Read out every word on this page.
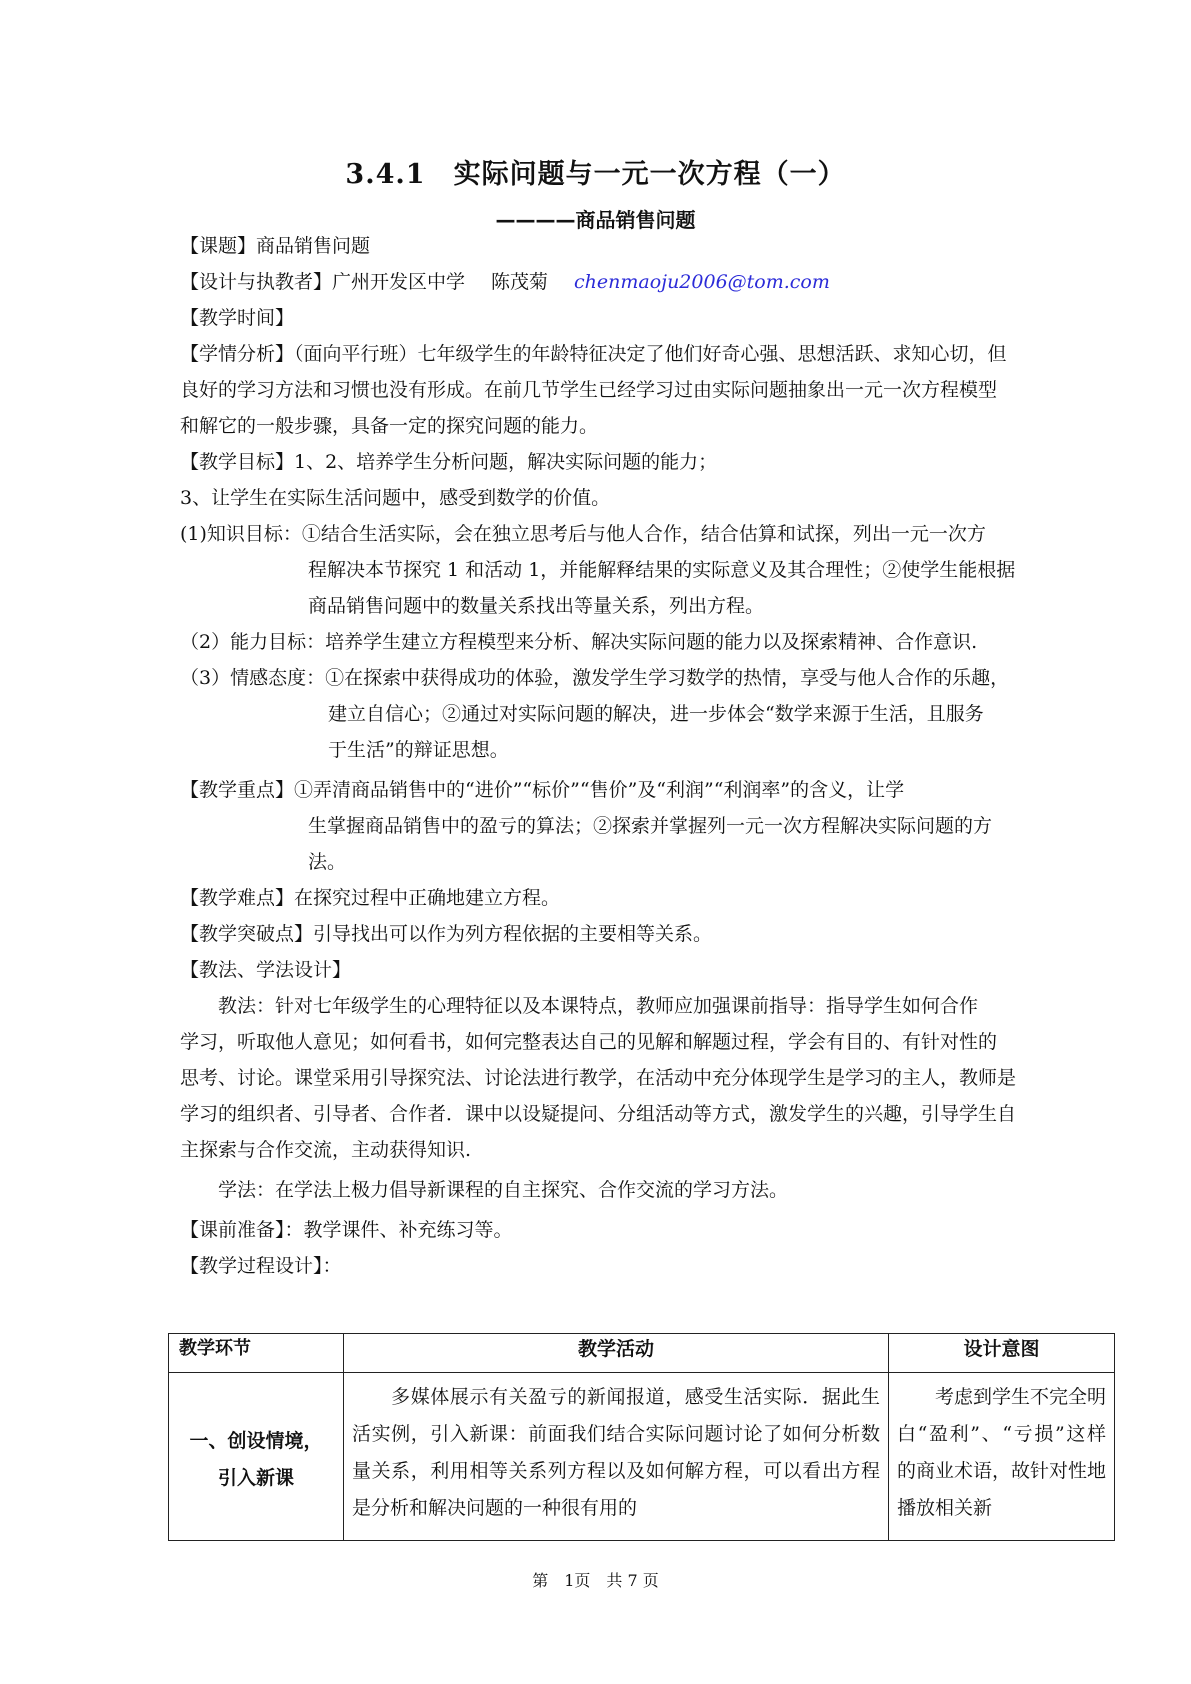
3.4.1　实际问题与一元一次方程（一）
————商品销售问题
【课题】商品销售问题
【设计与执教者】广州开发区中学 陈茂菊 chenmaoju2006@tom.com
【教学时间】
【学情分析】（面向平行班）七年级学生的年龄特征决定了他们好奇心强、思想活跃、求知心切，但
良好的学习方法和习惯也没有形成。在前几节学生已经学习过由实际问题抽象出一元一次方程模型
和解它的一般步骤，具备一定的探究问题的能力。
【教学目标】1、2、培养学生分析问题，解决实际问题的能力；
3、让学生在实际生活问题中，感受到数学的价值。
(1)知识目标：①结合生活实际，会在独立思考后与他人合作，结合估算和试探，列出一元一次方
程解决本节探究 1 和活动 1，并能解释结果的实际意义及其合理性；②使学生能根据
商品销售问题中的数量关系找出等量关系，列出方程。
（2）能力目标：培养学生建立方程模型来分析、解决实际问题的能力以及探索精神、合作意识.
（3）情感态度：①在探索中获得成功的体验，激发学生学习数学的热情，享受与他人合作的乐趣，
建立自信心；②通过对实际问题的解决，进一步体会“数学来源于生活，且服务
于生活”的辩证思想。
【教学重点】①弄清商品销售中的“进价”“标价”“售价”及“利润”“利润率”的含义，让学
生掌握商品销售中的盈亏的算法；②探索并掌握列一元一次方程解决实际问题的方
法。
【教学难点】在探究过程中正确地建立方程。
【教学突破点】引导找出可以作为列方程依据的主要相等关系。
【教法、学法设计】
教法：针对七年级学生的心理特征以及本课特点，教师应加强课前指导：指导学生如何合作
学习，听取他人意见；如何看书，如何完整表达自己的见解和解题过程，学会有目的、有针对性的
思考、讨论。课堂采用引导探究法、讨论法进行教学，在活动中充分体现学生是学习的主人，教师是
学习的组织者、引导者、合作者．课中以设疑提问、分组活动等方式，激发学生的兴趣，引导学生自
主探索与合作交流，主动获得知识.
学法：在学法上极力倡导新课程的自主探究、合作交流的学习方法。
【课前准备】：教学课件、补充练习等。
【教学过程设计】：
教学环节	教学活动	设计意图

一、创设情境，
引入新课	　　多媒体展示有关盈亏的新闻报道，感受生活实际．据此生活实例，引入新课：前面我们结合实际问题讨论了如何分析数量关系，利用相等关系列方程以及如何解方程，可以看出方程是分析和解决问题的一种很有用的	　　考虑到学生不完全明白“盈利”、“亏损”这样的商业术语，故针对性地播放相关新
第　1页　共 7 页
